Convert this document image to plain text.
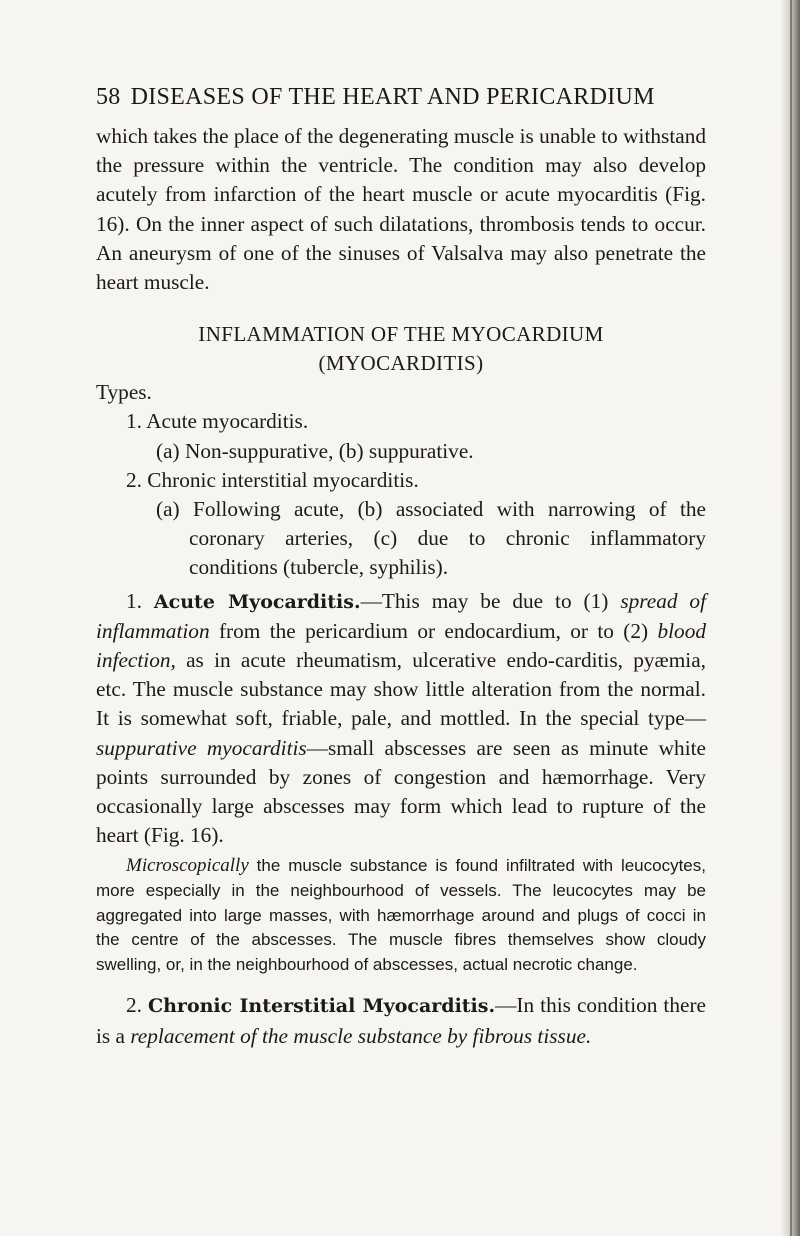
58 DISEASES OF THE HEART AND PERICARDIUM

which takes the place of the degenerating muscle is unable to withstand the pressure within the ventricle. The condition may also develop acutely from infarction of the heart muscle or acute myocarditis (Fig. 16). On the inner aspect of such dilatations, thrombosis tends to occur. An aneurysm of one of the sinuses of Valsalva may also penetrate the heart muscle.

INFLAMMATION OF THE MYOCARDIUM

(MYOCARDITIS)

Types.

1. Acute myocarditis.

(a) Non-suppurative, (b) suppurative.

2. Chronic interstitial myocarditis.

(a) Following acute, (b) associated with narrowing of the coronary arteries, (c) due to chronic inflammatory conditions (tubercle, syphilis).

1. Acute Myocarditis.—This may be due to (1) spread of inflammation from the pericardium or endocardium, or to (2) blood infection, as in acute rheumatism, ulcerative endo-carditis, pyæmia, etc. The muscle substance may show little alteration from the normal. It is somewhat soft, friable, pale, and mottled. In the special type—suppurative myocarditis—small abscesses are seen as minute white points surrounded by zones of congestion and hæmorrhage. Very occasionally large abscesses may form which lead to rupture of the heart (Fig. 16).

Microscopically the muscle substance is found infiltrated with leucocytes, more especially in the neighbourhood of vessels. The leucocytes may be aggregated into large masses, with hæmorrhage around and plugs of cocci in the centre of the abscesses. The muscle fibres themselves show cloudy swelling, or, in the neighbourhood of abscesses, actual necrotic change.

2. Chronic Interstitial Myocarditis.—In this condition there is a replacement of the muscle substance by fibrous tissue.
